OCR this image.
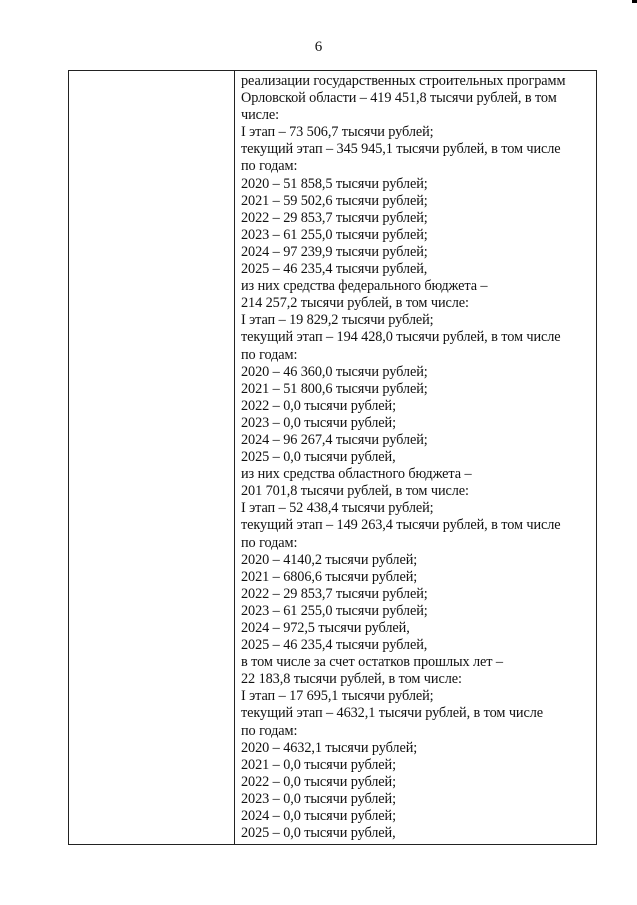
6
реализации государственных строительных программ
Орловской области – 419 451,8 тысячи рублей, в том
числе:
I этап – 73 506,7 тысячи рублей;
текущий этап – 345 945,1 тысячи рублей, в том числе
по годам:
2020 – 51 858,5 тысячи рублей;
2021 – 59 502,6 тысячи рублей;
2022 – 29 853,7 тысячи рублей;
2023 – 61 255,0 тысячи рублей;
2024 – 97 239,9 тысячи рублей;
2025 – 46 235,4 тысячи рублей,
из них средства федерального бюджета –
214 257,2 тысячи рублей, в том числе:
I этап – 19 829,2 тысячи рублей;
текущий этап – 194 428,0 тысячи рублей, в том числе
по годам:
2020 – 46 360,0 тысячи рублей;
2021 – 51 800,6 тысячи рублей;
2022 – 0,0 тысячи рублей;
2023 – 0,0 тысячи рублей;
2024 – 96 267,4 тысячи рублей;
2025 – 0,0 тысячи рублей,
из них средства областного бюджета –
201 701,8 тысячи рублей, в том числе:
I этап – 52 438,4 тысячи рублей;
текущий этап – 149 263,4 тысячи рублей, в том числе
по годам:
2020 – 4140,2 тысячи рублей;
2021 – 6806,6 тысячи рублей;
2022 – 29 853,7 тысячи рублей;
2023 – 61 255,0 тысячи рублей;
2024 – 972,5 тысячи рублей,
2025 – 46 235,4 тысячи рублей,
в том числе за счет остатков прошлых лет –
22 183,8 тысячи рублей, в том числе:
I этап – 17 695,1 тысячи рублей;
текущий этап – 4632,1 тысячи рублей, в том числе
по годам:
2020 – 4632,1 тысячи рублей;
2021 – 0,0 тысячи рублей;
2022 – 0,0 тысячи рублей;
2023 – 0,0 тысячи рублей;
2024 – 0,0 тысячи рублей;
2025 – 0,0 тысячи рублей,
